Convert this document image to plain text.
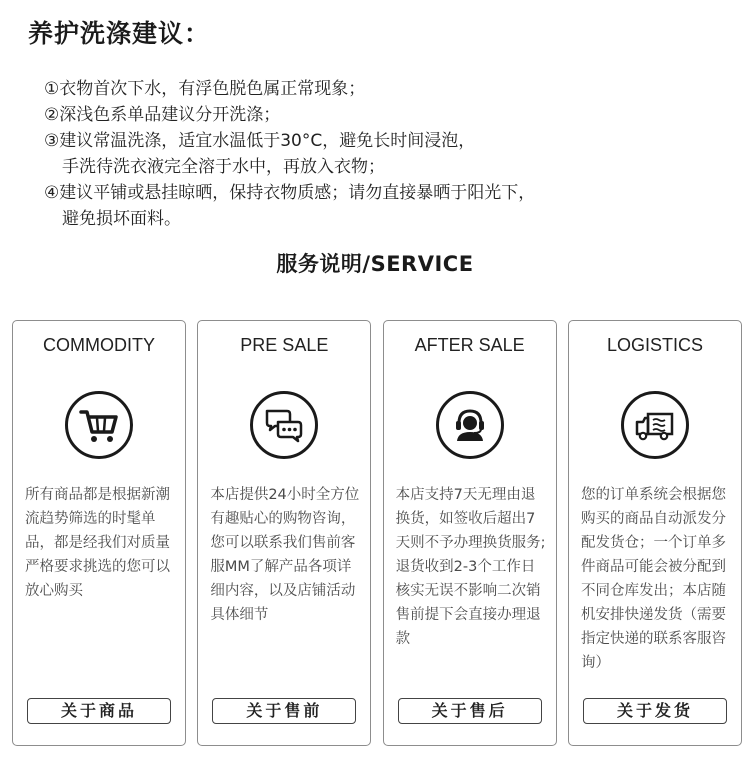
养护洗涤建议：
①衣物首次下水，有浮色脱色属正常现象；
②深浅色系单品建议分开洗涤；
③建议常温洗涤，适宜水温低于30°C，避免长时间浸泡，
手洗待洗衣液完全溶于水中，再放入衣物；
④建议平铺或悬挂晾晒，保持衣物质感；请勿直接暴晒于阳光下，
避免损坏面料。
服务说明/SERVICE
COMMODITY
所有商品都是根据新潮流趋势筛选的时髦单品，都是经我们对质量严格要求挑选的您可以放心购买
关于商品
PRE SALE
本店提供24小时全方位有趣贴心的购物咨询，您可以联系我们售前客服MM了解产品各项详细内容，以及店铺活动具体细节
关于售前
AFTER SALE
本店支持7天无理由退换货，如签收后超出7天则不予办理换货服务;退货收到2-3个工作日核实无误不影响二次销售前提下会直接办理退款
关于售后
LOGISTICS
您的订单系统会根据您购买的商品自动派发分配发货仓；一个订单多件商品可能会被分配到不同仓库发出；本店随机安排快递发货（需要指定快递的联系客服咨询）
关于发货
